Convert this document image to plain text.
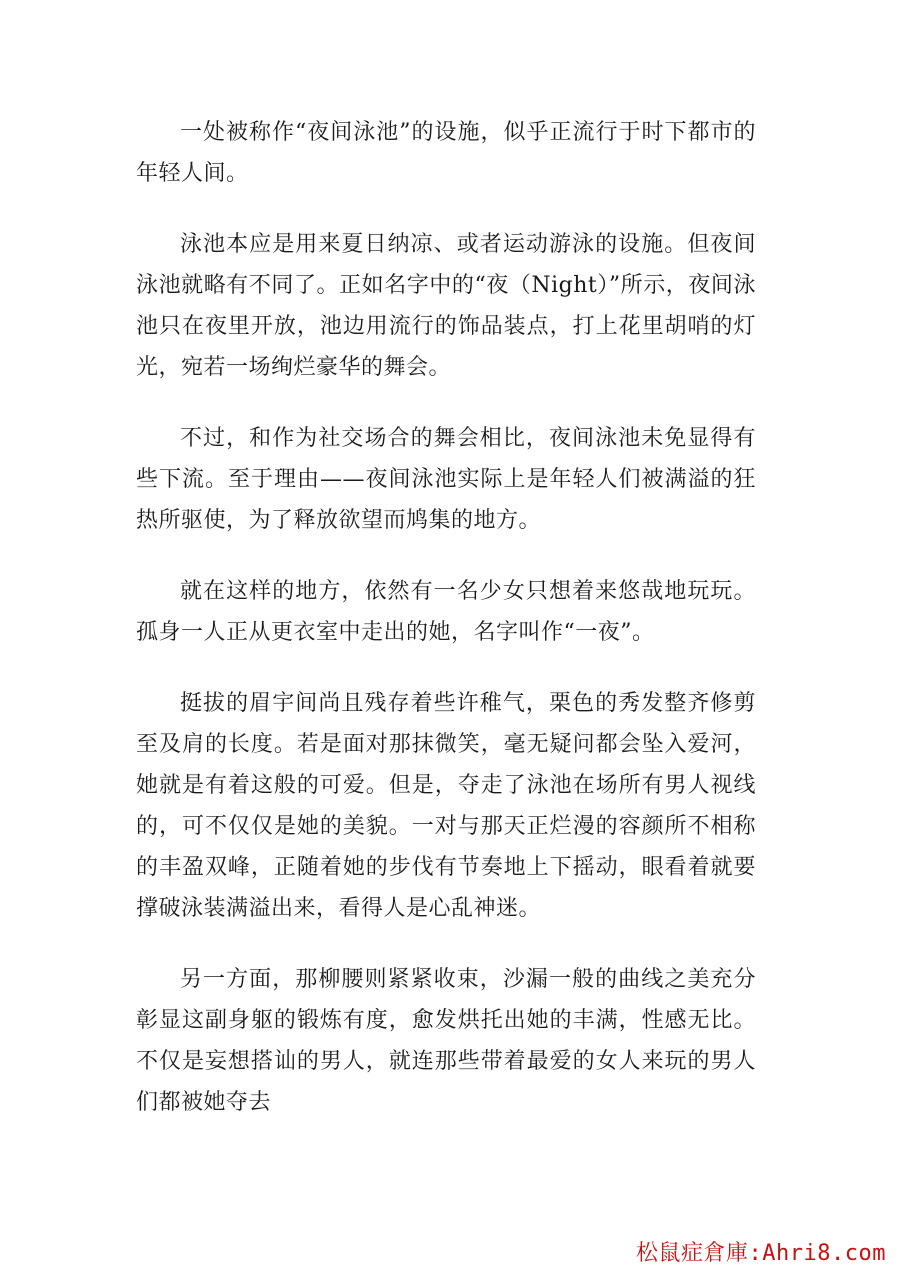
一处被称作“夜间泳池”的设施，似乎正流行于时下都市的年轻人间。

泳池本应是用来夏日纳凉、或者运动游泳的设施。但夜间泳池就略有不同了。正如名字中的“夜（Night）”所示，夜间泳池只在夜里开放，池边用流行的饰品装点，打上花里胡哨的灯光，宛若一场绚烂豪华的舞会。

不过，和作为社交场合的舞会相比，夜间泳池未免显得有些下流。至于理由——夜间泳池实际上是年轻人们被满溢的狂热所驱使，为了释放欲望而鸠集的地方。

就在这样的地方，依然有一名少女只想着来悠哉地玩玩。孤身一人正从更衣室中走出的她，名字叫作“一夜”。

挺拔的眉宇间尚且残存着些许稚气，栗色的秀发整齐修剪至及肩的长度。若是面对那抹微笑，毫无疑问都会坠入爱河，她就是有着这般的可爱。但是，夺走了泳池在场所有男人视线的，可不仅仅是她的美貌。一对与那天正烂漫的容颜所不相称的丰盈双峰，正随着她的步伐有节奏地上下摇动，眼看着就要撑破泳装满溢出来，看得人是心乱神迷。

另一方面，那柳腰则紧紧收束，沙漏一般的曲线之美充分彰显这副身躯的锻炼有度，愈发烘托出她的丰满，性感无比。不仅是妄想搭讪的男人，就连那些带着最爱的女人来玩的男人们都被她夺去

松鼠症倉庫:Ahri8.com
